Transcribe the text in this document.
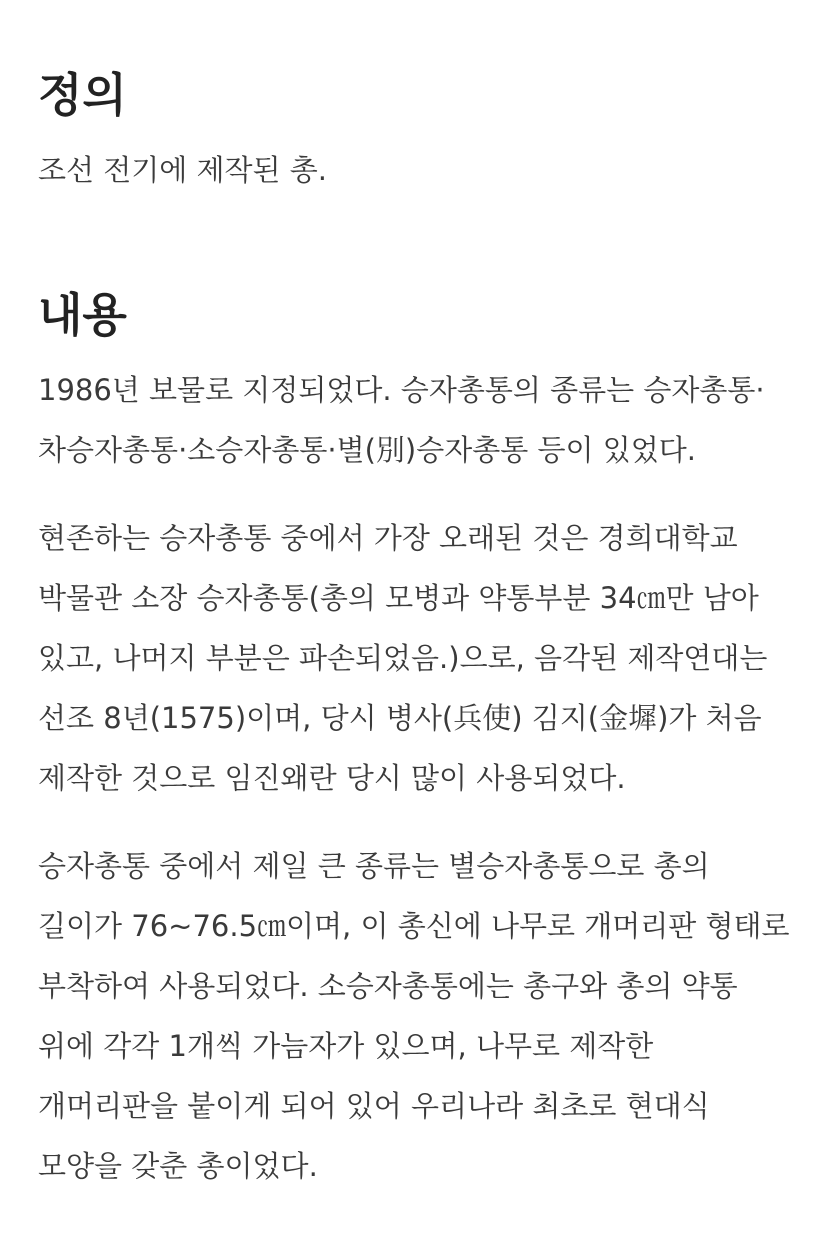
정의

조선 전기에 제작된 총.

내용

1986년 보물로 지정되었다. 승자총통의 종류는 승자총통·차승자총통·소승자총통·별(別)승자총통 등이 있었다.

현존하는 승자총통 중에서 가장 오래된 것은 경희대학교 박물관 소장 승자총통(총의 모병과 약통부분 34㎝만 남아 있고, 나머지 부분은 파손되었음.)으로, 음각된 제작연대는 선조 8년(1575)이며, 당시 병사(兵使) 김지(金墀)가 처음 제작한 것으로 임진왜란 당시 많이 사용되었다.

승자총통 중에서 제일 큰 종류는 별승자총통으로 총의 길이가 76~76.5㎝이며, 이 총신에 나무로 개머리판 형태로 부착하여 사용되었다. 소승자총통에는 총구와 총의 약통 위에 각각 1개씩 가늠자가 있으며, 나무로 제작한 개머리판을 붙이게 되어 있어 우리나라 최초로 현대식 모양을 갖춘 총이었다.
